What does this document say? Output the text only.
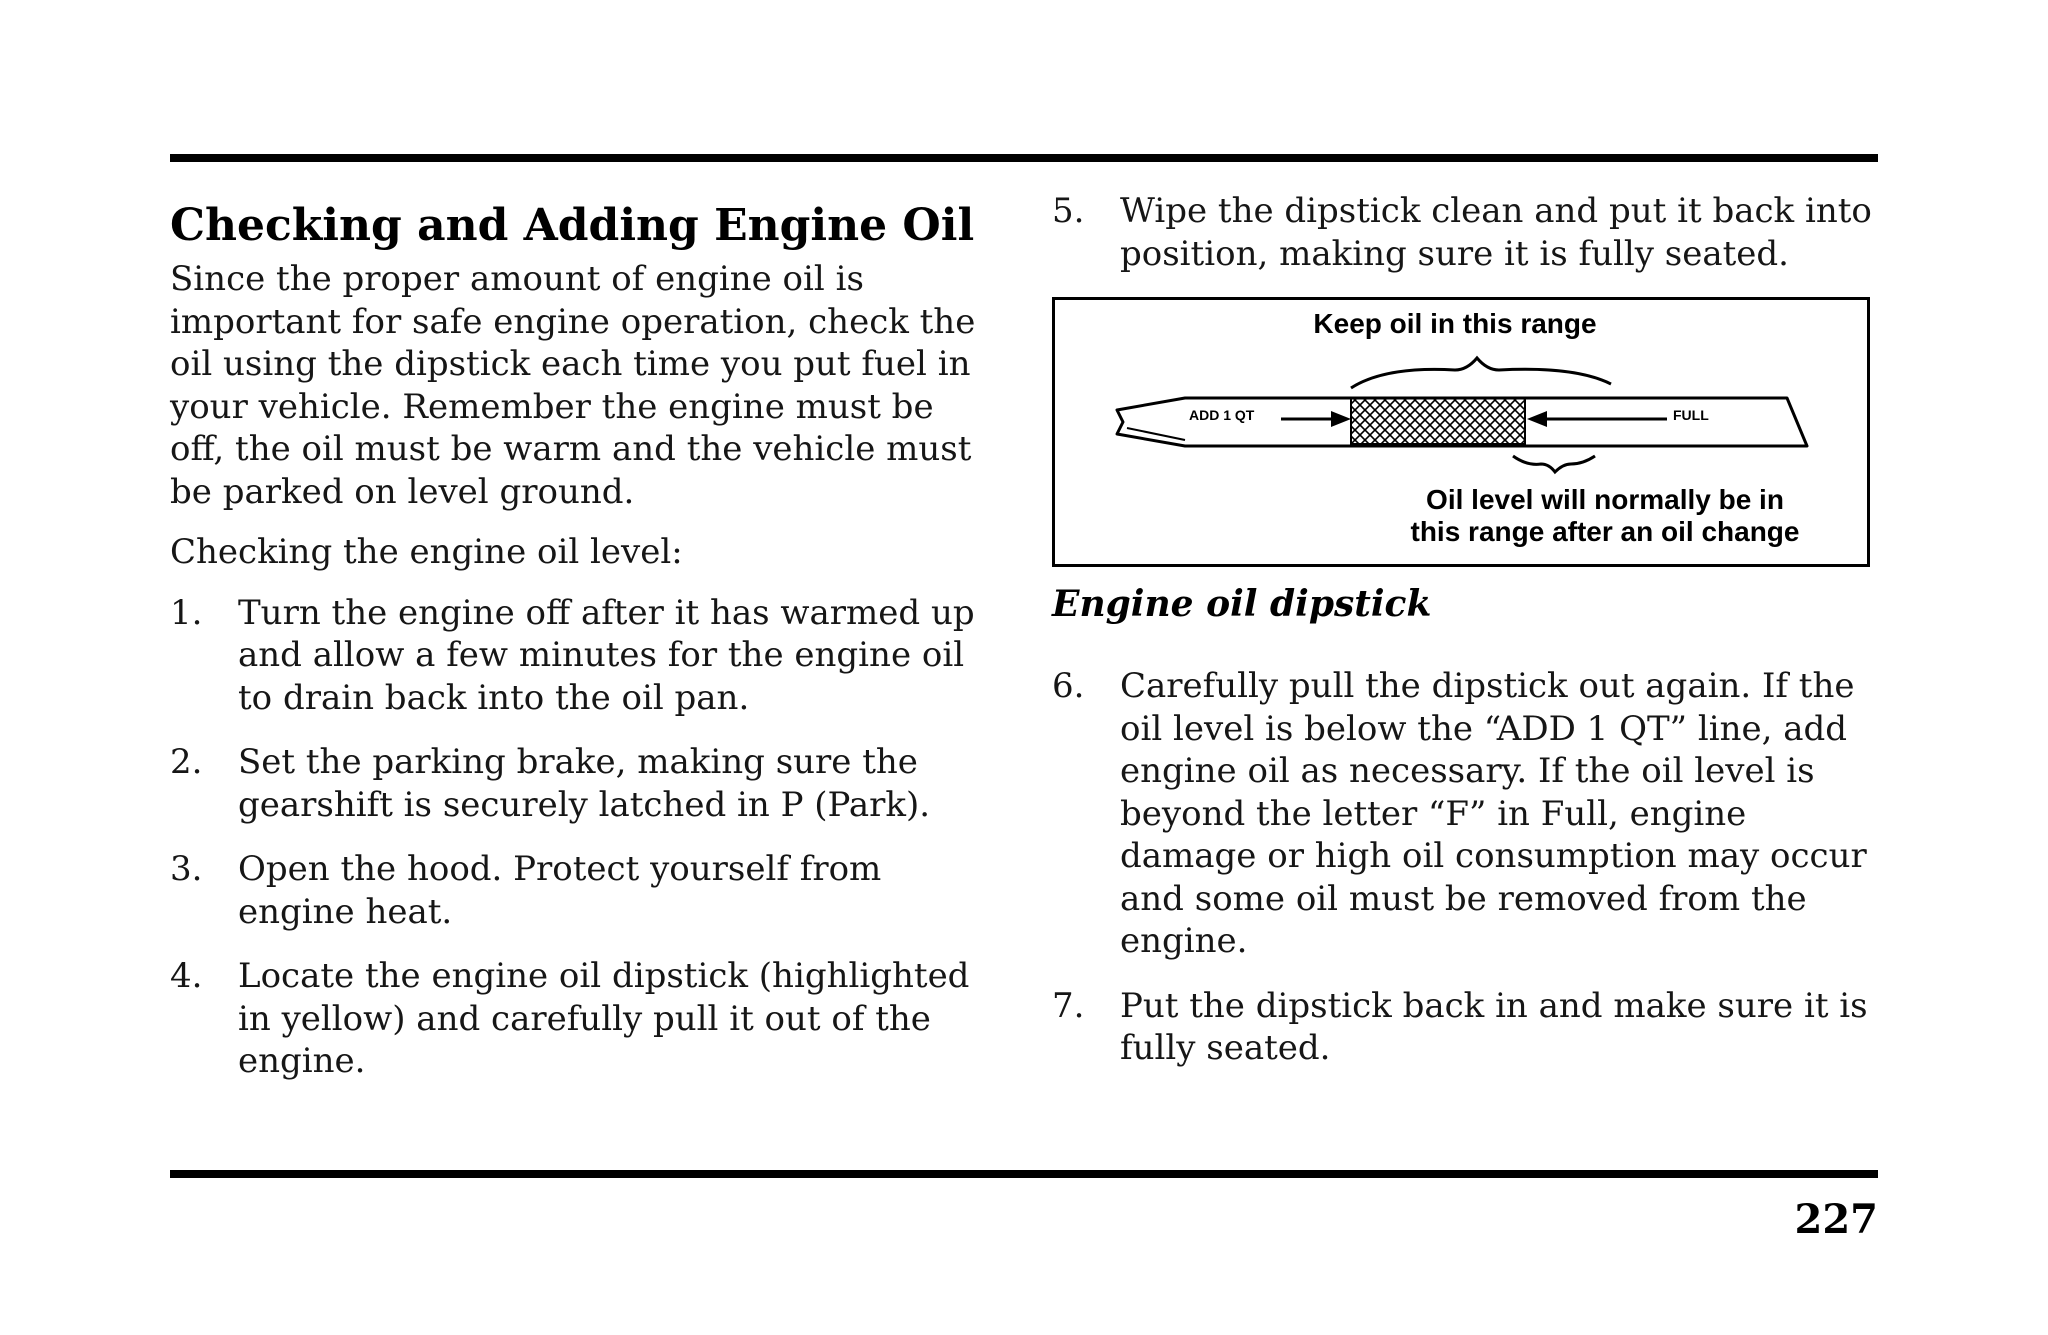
Checking and Adding Engine Oil

Since the proper amount of engine oil is important for safe engine operation, check the oil using the dipstick each time you put fuel in your vehicle. Remember the engine must be off, the oil must be warm and the vehicle must be parked on level ground.

Checking the engine oil level:

1. Turn the engine off after it has warmed up and allow a few minutes for the engine oil to drain back into the oil pan.
2. Set the parking brake, making sure the gearshift is securely latched in P (Park).
3. Open the hood. Protect yourself from engine heat.
4. Locate the engine oil dipstick (highlighted in yellow) and carefully pull it out of the engine.
5. Wipe the dipstick clean and put it back into position, making sure it is fully seated.
Keep oil in this range
ADD 1 QT	FULL
Oil level will normally be in
this range after an oil change
Engine oil dipstick
6. Carefully pull the dipstick out again. If the oil level is below the “ADD 1 QT” line, add engine oil as necessary. If the oil level is beyond the letter “F” in Full, engine damage or high oil consumption may occur and some oil must be removed from the engine.
7. Put the dipstick back in and make sure it is fully seated.
227
